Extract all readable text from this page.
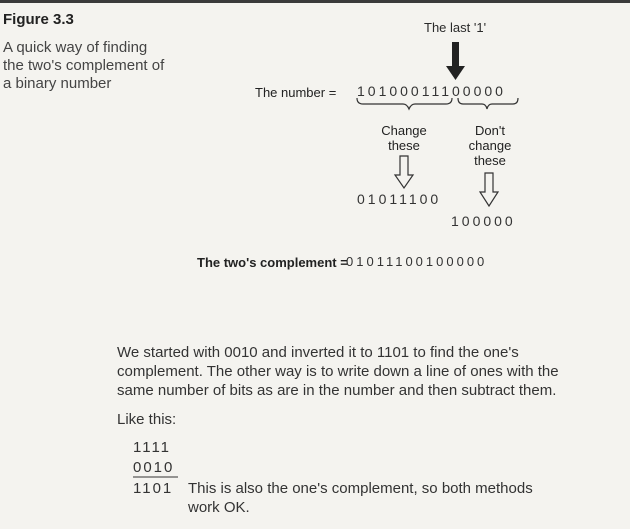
Figure 3.3
A quick way of finding
the two's complement of
a binary number
The last '1'
The number = 10100011100000
Change
these
Don't
change
these
01011100
100000
The two's complement =
01011100100000
We started with 0010 and inverted it to 1101 to find the one's
complement. The other way is to write down a line of ones with the
same number of bits as are in the number and then subtract them.
Like this:
1111
0010
1101 This is also the one's complement, so both methods
work OK.
